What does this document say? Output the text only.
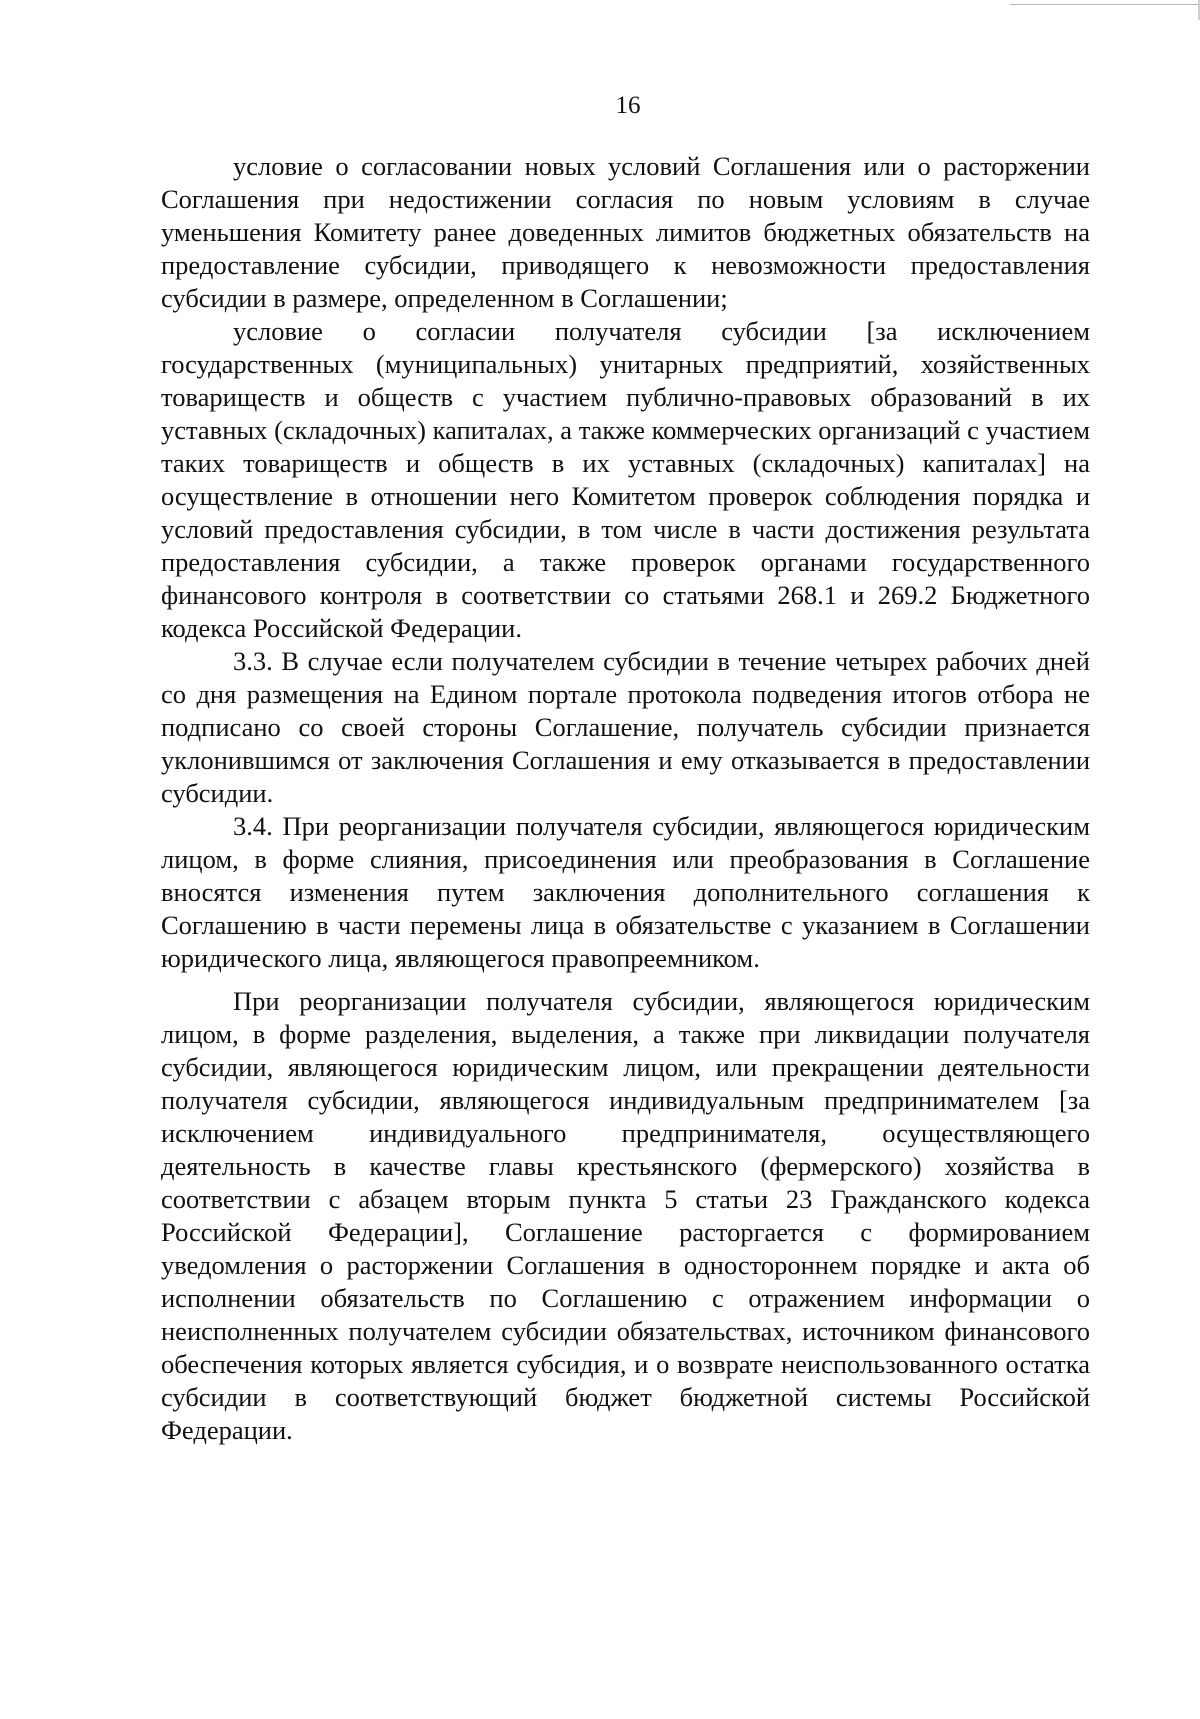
16

условие о согласовании новых условий Соглашения или о расторжении Соглашения при недостижении согласия по новым условиям в случае уменьшения Комитету ранее доведенных лимитов бюджетных обязательств на предоставление субсидии, приводящего к невозможности предоставления субсидии в размере, определенном в Соглашении;

условие о согласии получателя субсидии [за исключением государственных (муниципальных) унитарных предприятий, хозяйственных товариществ и обществ с участием публично-правовых образований в их уставных (складочных) капиталах, а также коммерческих организаций с участием таких товариществ и обществ в их уставных (складочных) капиталах] на осуществление в отношении него Комитетом проверок соблюдения порядка и условий предоставления субсидии, в том числе в части достижения результата предоставления субсидии, а также проверок органами государственного финансового контроля в соответствии со статьями 268.1 и 269.2 Бюджетного кодекса Российской Федерации.

3.3. В случае если получателем субсидии в течение четырех рабочих дней со дня размещения на Едином портале протокола подведения итогов отбора не подписано со своей стороны Соглашение, получатель субсидии признается уклонившимся от заключения Соглашения и ему отказывается в предоставлении субсидии.

3.4. При реорганизации получателя субсидии, являющегося юридическим лицом, в форме слияния, присоединения или преобразования в Соглашение вносятся изменения путем заключения дополнительного соглашения к Соглашению в части перемены лица в обязательстве с указанием в Соглашении юридического лица, являющегося правопреемником.

При реорганизации получателя субсидии, являющегося юридическим лицом, в форме разделения, выделения, а также при ликвидации получателя субсидии, являющегося юридическим лицом, или прекращении деятельности получателя субсидии, являющегося индивидуальным предпринимателем [за исключением индивидуального предпринимателя, осуществляющего деятельность в качестве главы крестьянского (фермерского) хозяйства в соответствии с абзацем вторым пункта 5 статьи 23 Гражданского кодекса Российской Федерации], Соглашение расторгается с формированием уведомления о расторжении Соглашения в одностороннем порядке и акта об исполнении обязательств по Соглашению с отражением информации о неисполненных получателем субсидии обязательствах, источником финансового обеспечения которых является субсидия, и о возврате неиспользованного остатка субсидии в соответствующий бюджет бюджетной системы Российской Федерации.
